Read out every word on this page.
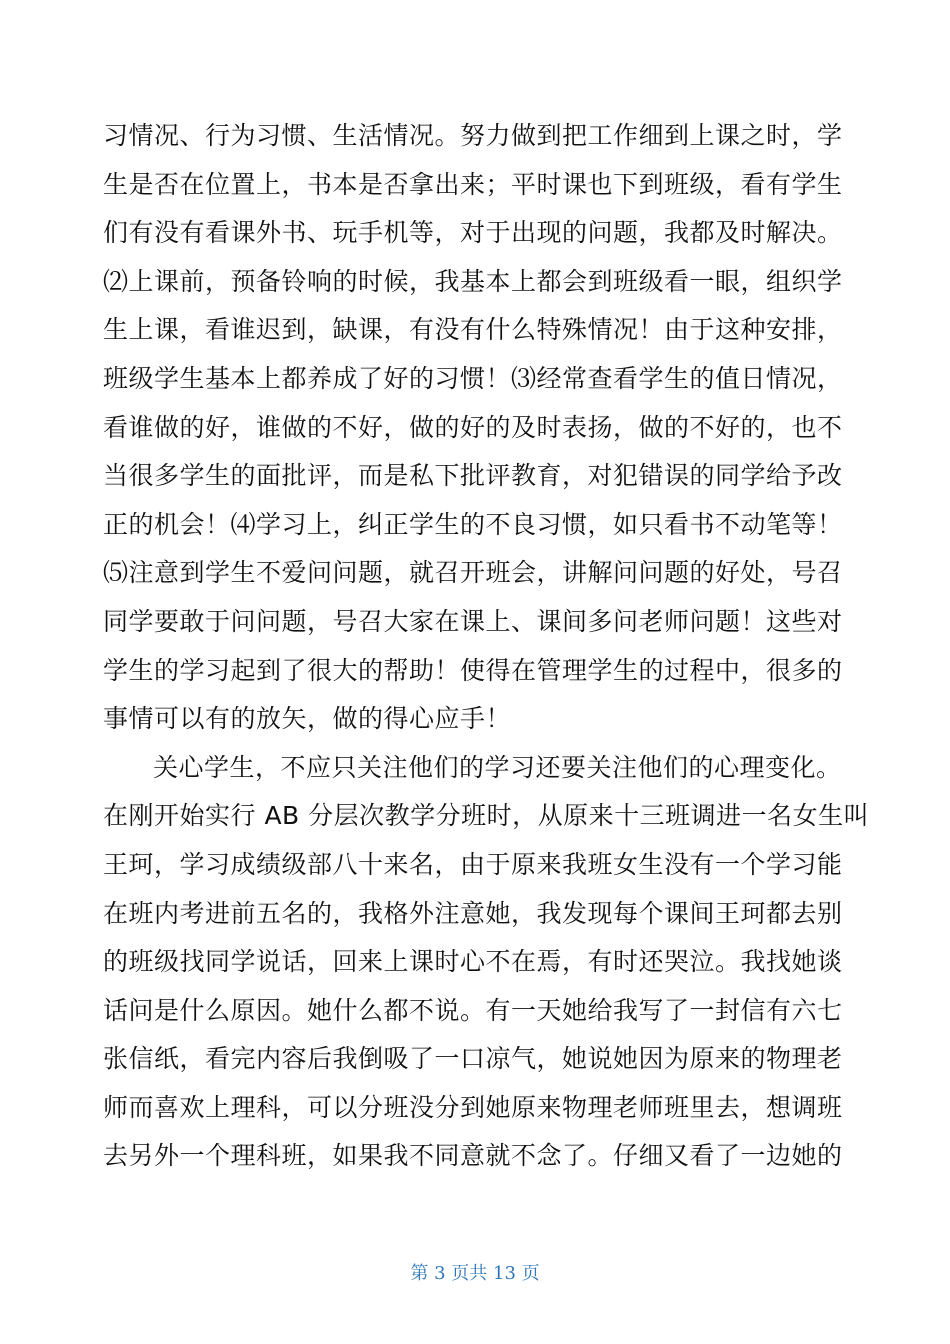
习情况、行为习惯、生活情况。努力做到把工作细到上课之时，学
生是否在位置上，书本是否拿出来；平时课也下到班级，看有学生
们有没有看课外书、玩手机等，对于出现的问题，我都及时解决。
⑵上课前，预备铃响的时候，我基本上都会到班级看一眼，组织学
生上课，看谁迟到，缺课，有没有什么特殊情况！由于这种安排，
班级学生基本上都养成了好的习惯！⑶经常查看学生的值日情况，
看谁做的好，谁做的不好，做的好的及时表扬，做的不好的，也不
当很多学生的面批评，而是私下批评教育，对犯错误的同学给予改
正的机会！⑷学习上，纠正学生的不良习惯，如只看书不动笔等！
⑸注意到学生不爱问问题，就召开班会，讲解问问题的好处，号召
同学要敢于问问题，号召大家在课上、课间多问老师问题！这些对
学生的学习起到了很大的帮助！使得在管理学生的过程中，很多的
事情可以有的放矢，做的得心应手！
关心学生，不应只关注他们的学习还要关注他们的心理变化。
在刚开始实行 AB 分层次教学分班时，从原来十三班调进一名女生叫
王珂，学习成绩级部八十来名，由于原来我班女生没有一个学习能
在班内考进前五名的，我格外注意她，我发现每个课间王珂都去别
的班级找同学说话，回来上课时心不在焉，有时还哭泣。我找她谈
话问是什么原因。她什么都不说。有一天她给我写了一封信有六七
张信纸，看完内容后我倒吸了一口凉气，她说她因为原来的物理老
师而喜欢上理科，可以分班没分到她原来物理老师班里去，想调班
去另外一个理科班，如果我不同意就不念了。仔细又看了一边她的
第 3 页共 13 页
